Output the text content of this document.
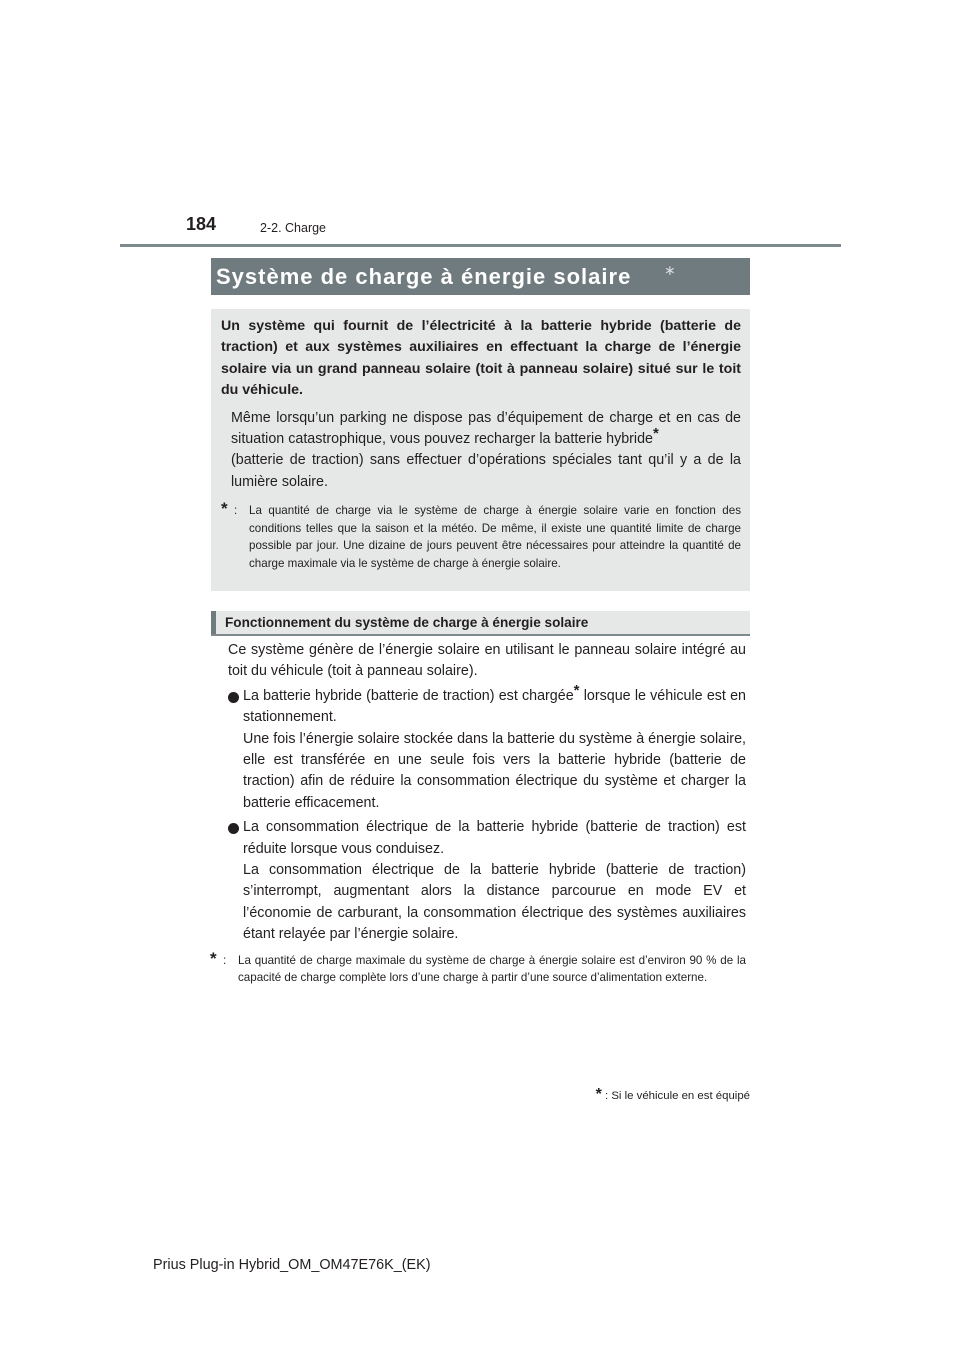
184	2-2. Charge
Système de charge à énergie solaire ∗

Un système qui fournit de l’électricité à la batterie hybride (batterie de traction) et aux systèmes auxiliaires en effectuant la charge de l’énergie solaire via un grand panneau solaire (toit à panneau solaire) situé sur le toit du véhicule.

Même lorsqu’un parking ne dispose pas d’équipement de charge et en cas de situation catastrophique, vous pouvez recharger la batterie hybride*
(batterie de traction) sans effectuer d’opérations spéciales tant qu’il y a de la lumière solaire.

* : La quantité de charge via le système de charge à énergie solaire varie en fonction des conditions telles que la saison et la météo. De même, il existe une quantité limite de charge possible par jour. Une dizaine de jours peuvent être nécessaires pour atteindre la quantité de charge maximale via le système de charge à énergie solaire.
Fonctionnement du système de charge à énergie solaire

Ce système génère de l’énergie solaire en utilisant le panneau solaire intégré au toit du véhicule (toit à panneau solaire).

La batterie hybride (batterie de traction) est chargée* lorsque le véhicule est en stationnement.

Une fois l’énergie solaire stockée dans la batterie du système à énergie solaire, elle est transférée en une seule fois vers la batterie hybride (batterie de traction) afin de réduire la consommation électrique du système et charger la batterie efficacement.

La consommation électrique de la batterie hybride (batterie de traction) est réduite lorsque vous conduisez.

La consommation électrique de la batterie hybride (batterie de traction) s’interrompt, augmentant alors la distance parcourue en mode EV et l’économie de carburant, la consommation électrique des systèmes auxiliaires étant relayée par l’énergie solaire.

* : La quantité de charge maximale du système de charge à énergie solaire est d’environ 90 % de la capacité de charge complète lors d’une charge à partir d’une source d’alimentation externe.
* : Si le véhicule en est équipé
Prius Plug-in Hybrid_OM_OM47E76K_(EK)
